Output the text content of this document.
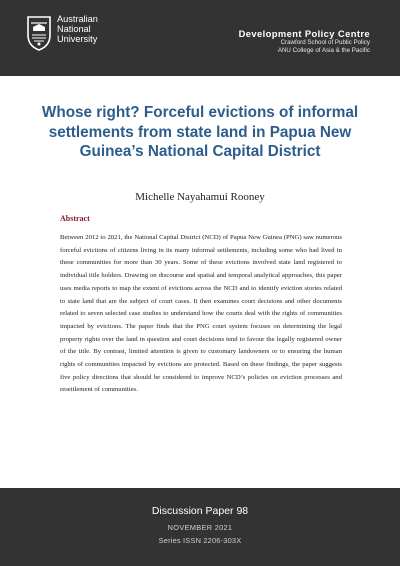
Australian
National
University	Development Policy Centre
Crawford School of Public Policy
ANU College of Asia & the Pacific
Whose right? Forceful evictions of informal settlements from state land in Papua New Guinea’s National Capital District
Michelle Nayahamui Rooney
Abstract

Between 2012 to 2021, the National Capital District (NCD) of Papua New Guinea (PNG) saw numerous forceful evictions of citizens living in its many informal settlements, including some who had lived in these communities for more than 30 years. Some of these evictions involved state land registered to individual title holders. Drawing on discourse and spatial and temporal analytical approaches, this paper uses media reports to map the extent of evictions across the NCD and to identify eviction stories related to state land that are the subject of court cases. It then examines court decisions and other documents related to seven selected case studies to understand how the courts deal with the rights of communities impacted by evictions. The paper finds that the PNG court system focuses on determining the legal property rights over the land in question and court decisions tend to favour the legally registered owner of the title. By contrast, limited attention is given to customary landowners or to ensuring the human rights of communities impacted by evictions are protected. Based on these findings, the paper suggests five policy directions that should be considered to improve NCD’s policies on eviction processes and resettlement of communities.

Discussion Paper 98
NOVEMBER 2021
Series ISSN 2206-303X
